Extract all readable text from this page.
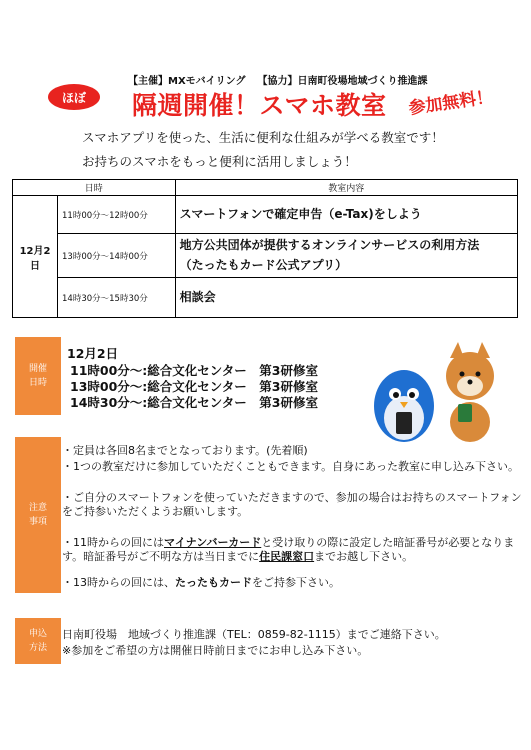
【主催】MXモバイリング 【協力】日南町役場地域づくり推進課
ほぼ	隔週開催！スマホ教室 参加無料！
スマホアプリを使った、生活に便利な仕組みが学べる教室です！
お持ちのスマホをもっと便利に活用しましょう！
日時		教室内容
12月2日	11時00分～12時00分	スマートフォンで確定申告（e-Tax)をしよう
	13時00分～14時00分	地方公共団体が提供するオンラインサービスの利用方法
（たったもカード公式アプリ）

	14時30分～15時30分	相談会
開催
日時
12月2日
11時00分～:総合文化センター　第3研修室
13時00分～:総合文化センター　第3研修室
14時30分～:総合文化センター　第3研修室
注意
事項
・定員は各回8名までとなっております。(先着順)
・1つの教室だけに参加していただくこともできます。自身にあった教室に申し込み下さい。
・ご自分のスマートフォンを使っていただきますので、参加の場合はお持ちのスマートフォンをご持参いただくようお願いします。
・11時からの回にはマイナンバーカードと受け取りの際に設定した暗証番号が必要となります。暗証番号がご不明な方は当日までに住民課窓口までお越し下さい。
・13時からの回には、たったもカードをご持参下さい。
申込
方法
日南町役場　地域づくり推進課（TEL：0859-82-1115）までご連絡下さい。
※参加をご希望の方は開催日時前日までにお申し込み下さい。
